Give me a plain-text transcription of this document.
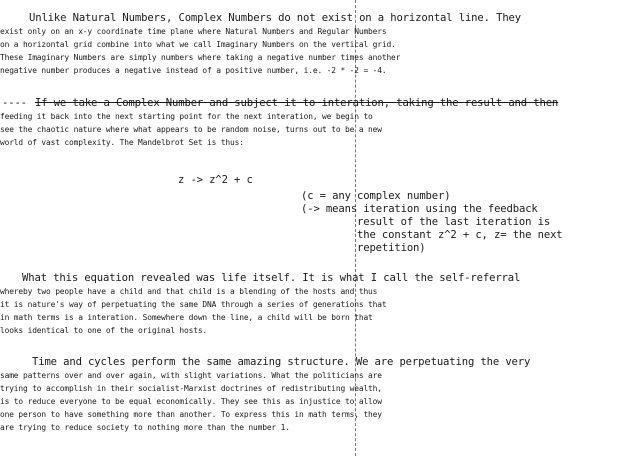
Unlike Natural Numbers, Complex Numbers do not exist on a horizontal line. They
exist only on an x-y coordinate time plane where Natural Numbers and Regular Numbers
on a horizontal grid combine into what we call Imaginary Numbers on the vertical grid.
These Imaginary Numbers are simply numbers where taking a negative number times another
negative number produces a negative instead of a positive number, i.e. -2 * -2 = -4.
---- If we take a Complex Number and subject it to interation, taking the result and then
feeding it back into the next starting point for the next interation, we begin to
see the chaotic nature where what appears to be random noise, turns out to be a new
world of vast complexity. The Mandelbrot Set is thus:
z -> z^2 + c
(c = any complex number)
(-> means iteration using the feedback
result of the last iteration is
the constant z^2 + c, z= the next
repetition)
What this equation revealed was life itself. It is what I call the self-referral
whereby two people have a child and that child is a blending of the hosts and thus
it is nature's way of perpetuating the same DNA through a series of generations that
in math terms is a interation. Somewhere down the line, a child will be born that
looks identical to one of the original hosts.
Time and cycles perform the same amazing structure. We are perpetuating the very
same patterns over and over again, with slight variations. What the politicians are
trying to accomplish in their socialist-Marxist doctrines of redistributing wealth,
is to reduce everyone to be equal economically. They see this as injustice to allow
one person to have something more than another. To express this in math terms, they
are trying to reduce society to nothing more than the number 1.
